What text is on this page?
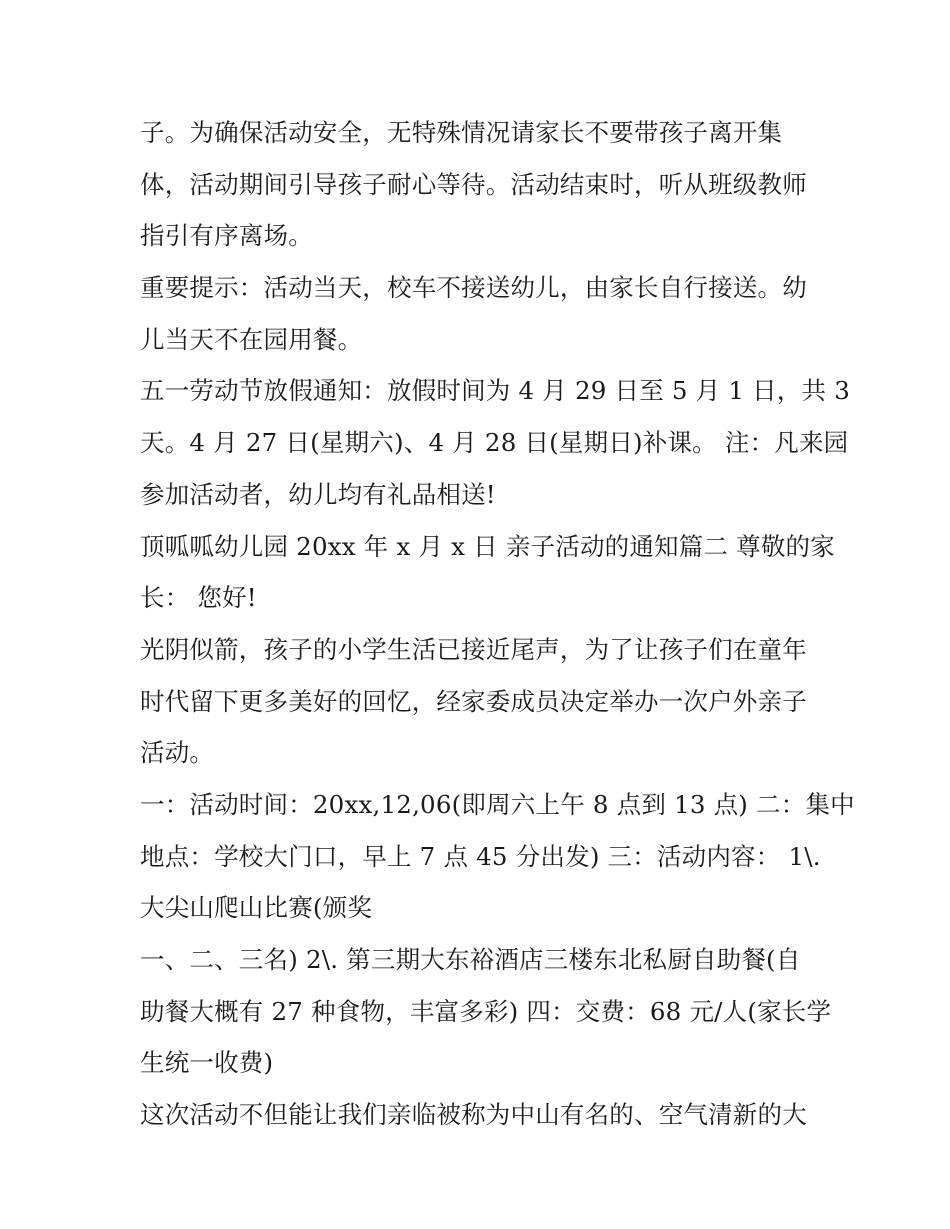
子。为确保活动安全，无特殊情况请家长不要带孩子离开集
体，活动期间引导孩子耐心等待。活动结束时，听从班级教师
指引有序离场。

重要提示：活动当天，校车不接送幼儿，由家长自行接送。幼
儿当天不在园用餐。

五一劳动节放假通知：放假时间为 4 月 29 日至 5 月 1 日，共 3
天。4 月 27 日(星期六)、4 月 28 日(星期日)补课。 注：凡来园
参加活动者，幼儿均有礼品相送!

顶呱呱幼儿园 20xx 年 x 月 x 日 亲子活动的通知篇二 尊敬的家
长： 您好!

光阴似箭，孩子的小学生活已接近尾声，为了让孩子们在童年
时代留下更多美好的回忆，经家委成员决定举办一次户外亲子
活动。

一：活动时间：20xx,12,06(即周六上午 8 点到 13 点) 二：集中
地点：学校大门口，早上 7 点 45 分出发) 三：活动内容： 1\.
大尖山爬山比赛(颁奖

一、二、三名) 2\. 第三期大东裕酒店三楼东北私厨自助餐(自
助餐大概有 27 种食物，丰富多彩) 四：交费：68 元/人(家长学
生统一收费)

这次活动不但能让我们亲临被称为中山有名的、空气清新的大
